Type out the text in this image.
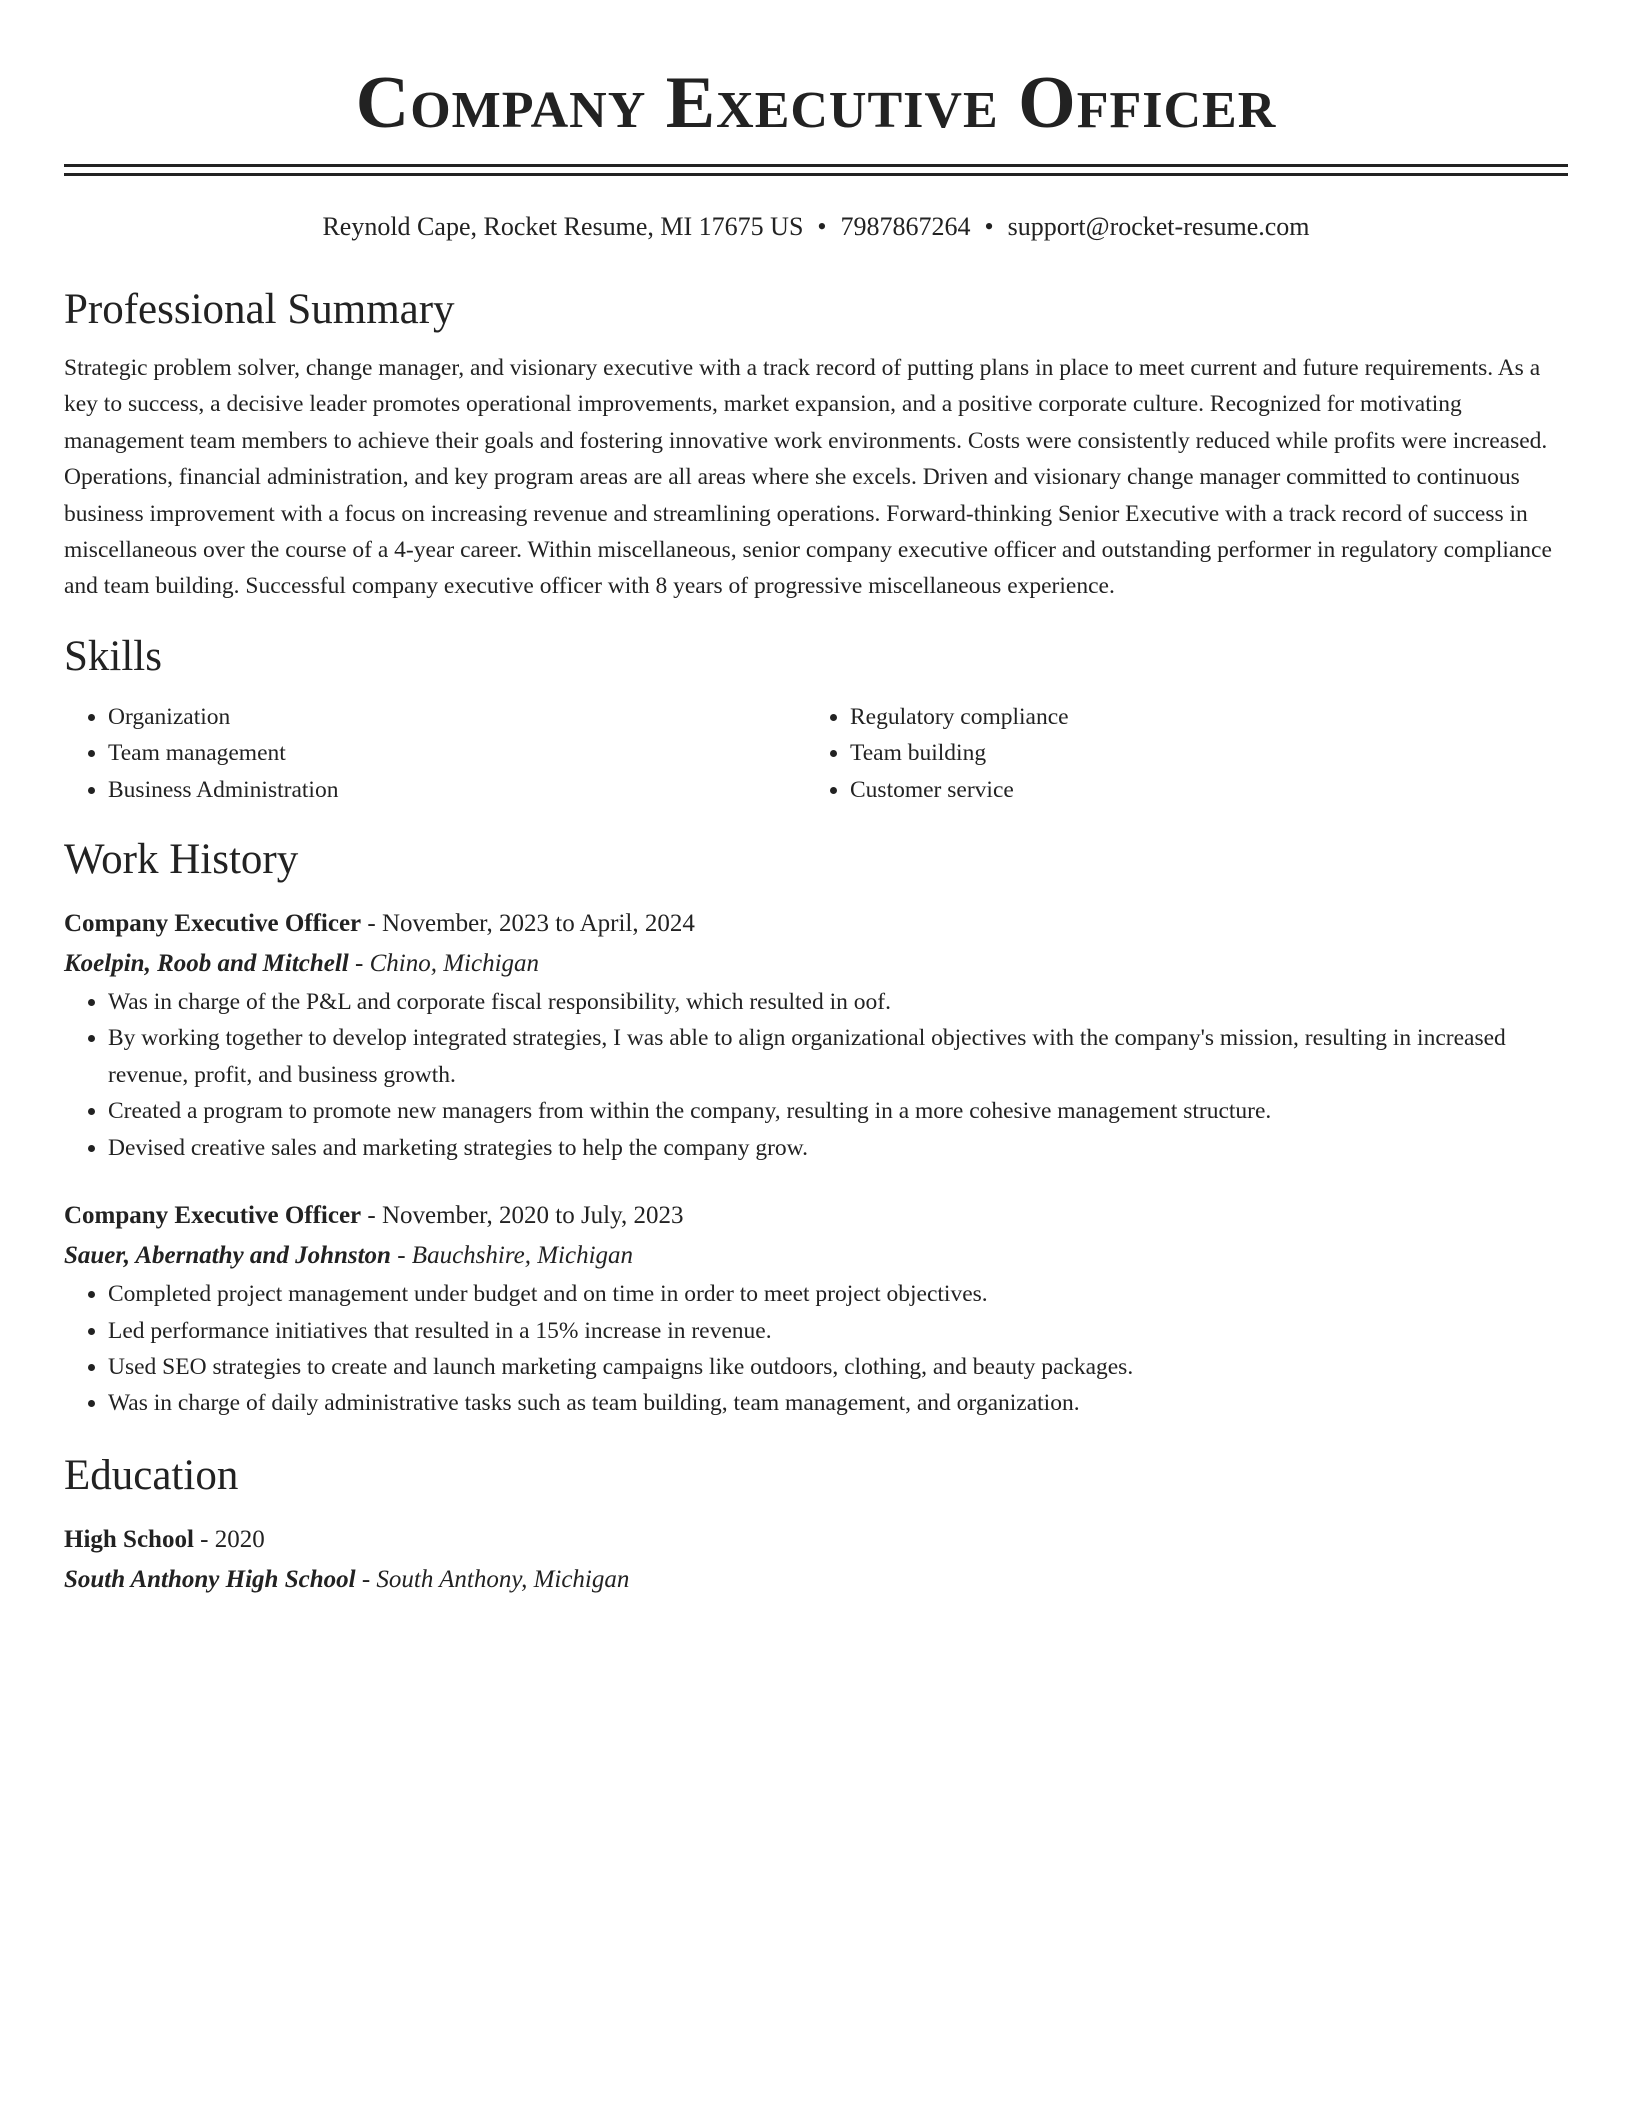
Company Executive Officer
Reynold Cape, Rocket Resume, MI 17675 US • 7987867264 • support@rocket-resume.com
Professional Summary
Strategic problem solver, change manager, and visionary executive with a track record of putting plans in place to meet current and future requirements. As a key to success, a decisive leader promotes operational improvements, market expansion, and a positive corporate culture. Recognized for motivating management team members to achieve their goals and fostering innovative work environments. Costs were consistently reduced while profits were increased. Operations, financial administration, and key program areas are all areas where she excels. Driven and visionary change manager committed to continuous business improvement with a focus on increasing revenue and streamlining operations. Forward-thinking Senior Executive with a track record of success in miscellaneous over the course of a 4-year career. Within miscellaneous, senior company executive officer and outstanding performer in regulatory compliance and team building. Successful company executive officer with 8 years of progressive miscellaneous experience.
Skills
• Organization
• Team management
• Business Administration
• Regulatory compliance
• Team building
• Customer service
Work History
Company Executive Officer - November, 2023 to April, 2024
Koelpin, Roob and Mitchell - Chino, Michigan
• Was in charge of the P&L and corporate fiscal responsibility, which resulted in oof.
• By working together to develop integrated strategies, I was able to align organizational objectives with the company's mission, resulting in increased revenue, profit, and business growth.
• Created a program to promote new managers from within the company, resulting in a more cohesive management structure.
• Devised creative sales and marketing strategies to help the company grow.
Company Executive Officer - November, 2020 to July, 2023
Sauer, Abernathy and Johnston - Bauchshire, Michigan
• Completed project management under budget and on time in order to meet project objectives.
• Led performance initiatives that resulted in a 15% increase in revenue.
• Used SEO strategies to create and launch marketing campaigns like outdoors, clothing, and beauty packages.
• Was in charge of daily administrative tasks such as team building, team management, and organization.
Education
High School - 2020
South Anthony High School - South Anthony, Michigan
